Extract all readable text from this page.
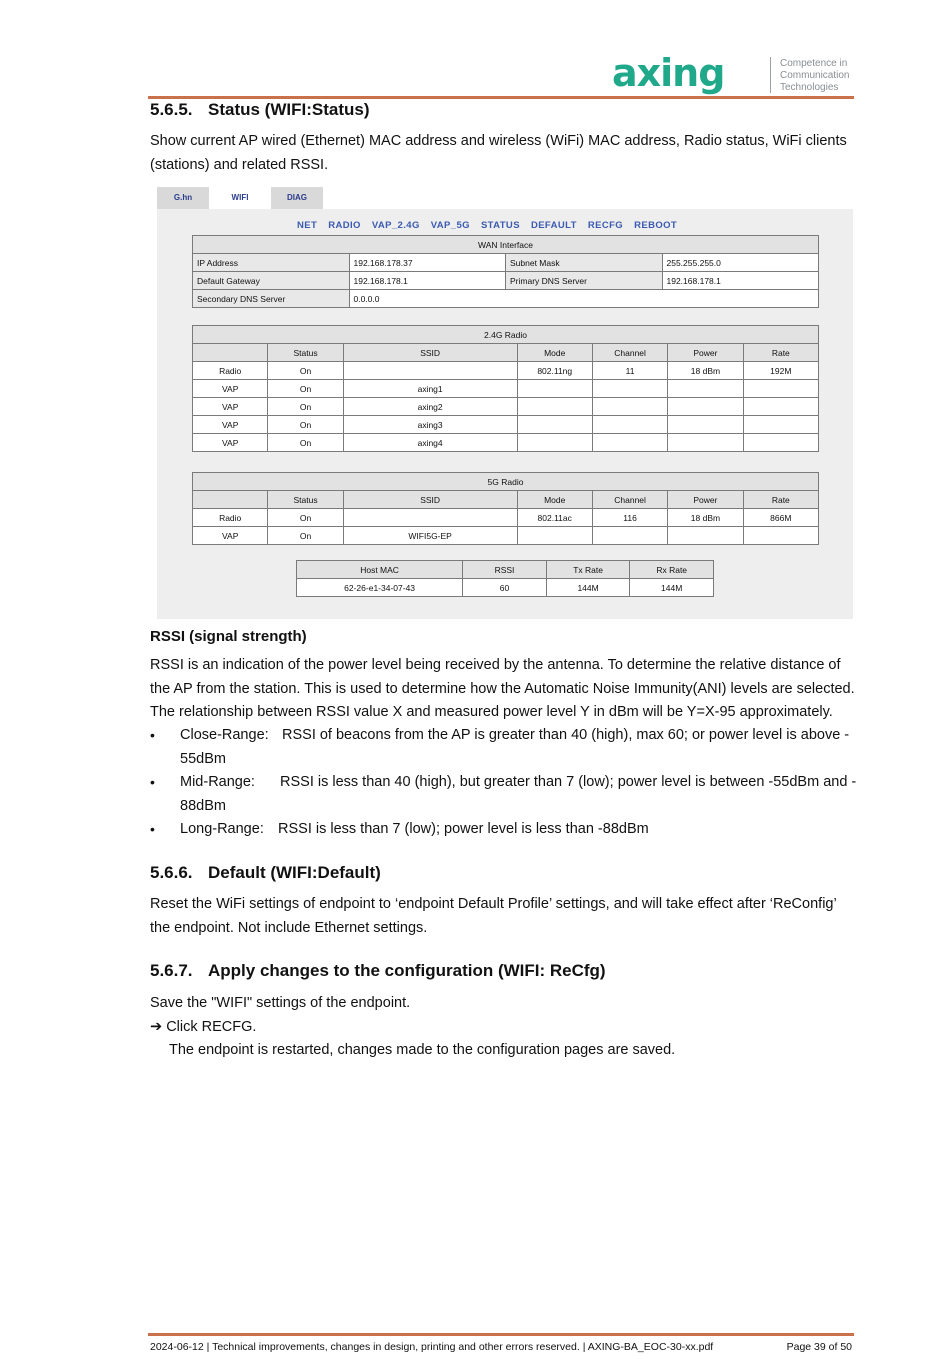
axing	Competence in
Communication
Technologies
5.6.5. Status (WIFI:Status)
Show current AP wired (Ethernet) MAC address and wireless (WiFi) MAC address, Radio status, WiFi clients
(stations) and related RSSI.
G.hn	WIFI	DIAG
NET RADIO VAP_2.4G VAP_5G STATUS DEFAULT RECFG REBOOT
WAN Interface			
IP Address	192.168.178.37	Subnet Mask	255.255.255.0
Default Gateway	192.168.178.1	Primary DNS Server	192.168.178.1
Secondary DNS Server	0.0.0.0		
2.4G Radio						
	Status	SSID	Mode	Channel	Power	Rate
Radio	On		802.11ng	11	18 dBm	192M
VAP	On	axing1				
VAP	On	axing2				
VAP	On	axing3				
VAP	On	axing4				
5G Radio						
	Status	SSID	Mode	Channel	Power	Rate
Radio	On		802.11ac	116	18 dBm	866M
VAP	On	WIFI5G-EP				
Host MAC	RSSI	Tx Rate	Rx Rate
62-26-e1-34-07-43	60	144M	144M
RSSI (signal strength)
RSSI is an indication of the power level being received by the antenna. To determine the relative distance of
the AP from the station. This is used to determine how the Automatic Noise Immunity(ANI) levels are selected.
The relationship between RSSI value X and measured power level Y in dBm will be Y=X-95 approximately.
• Close-Range: RSSI of beacons from the AP is greater than 40 (high), max 60; or power level is above -
55dBm
• Mid-Range: RSSI is less than 40 (high), but greater than 7 (low); power level is between -55dBm and -
88dBm
• Long-Range: RSSI is less than 7 (low); power level is less than -88dBm
5.6.6. Default (WIFI:Default)
Reset the WiFi settings of endpoint to ‘endpoint Default Profile’ settings, and will take effect after ‘ReConfig’
the endpoint. Not include Ethernet settings.
5.6.7. Apply changes to the configuration (WIFI: ReCfg)
Save the "WIFI" settings of the endpoint.
➔ Click RECFG.
The endpoint is restarted, changes made to the configuration pages are saved.
2024-06-12 | Technical improvements, changes in design, printing and other errors reserved. | AXING-BA_EOC-30-xx.pdf	Page 39 of 50
